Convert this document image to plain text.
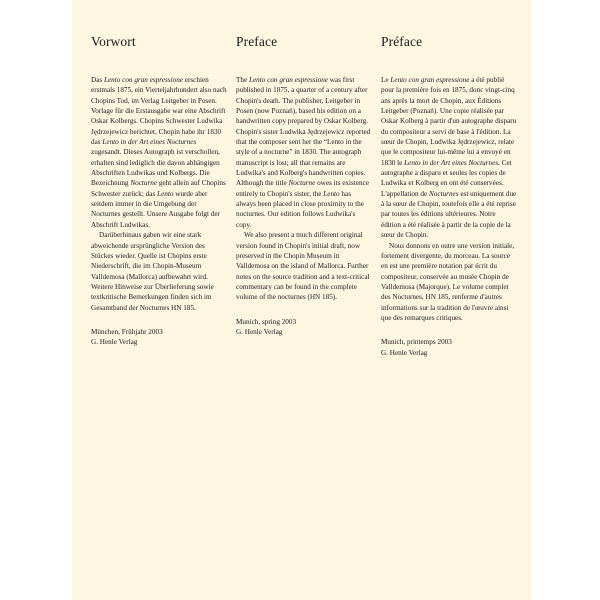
Vorwort

Das Lento con gran espressione erschien erstmals 1875, ein Vierteljahrhundert also nach Chopins Tod, im Verlag Leitgeber in Posen. Vorlage für die Erstausgabe war eine Abschrift Oskar Kolbergs. Chopins Schwester Ludwika Jędrzejewicz berichtet, Chopin habe ihr 1830 das Lento in der Art eines Nocturnes zugesandt. Dieses Autograph ist verschollen, erhalten sind lediglich die davon abhängigen Abschriften Ludwikas und Kolbergs. Die Bezeichnung Nocturne geht allein auf Chopins Schwester zurück; das Lento wurde aber seitdem immer in die Umgebung der Nocturnes gestellt. Unsere Ausgabe folgt der Abschrift Ludwikas.

Darüberhinaus gaben wir eine stark abweichende ursprüngliche Version des Stückes wieder. Quelle ist Chopins erste Niederschrift, die im Chopin-Museum Valldemosa (Mallorca) aufbewahrt wird. Weitere Hinweise zur Überlieferung sowie textkritische Bemerkungen finden sich im Gesamtband der Nocturnes HN 185.

München, Frühjahr 2003
G. Henle Verlag
Preface

The Lento con gran espressione was first published in 1875, a quarter of a century after Chopin's death. The publisher, Leitgeber in Posen (now Poznań), based his edition on a handwritten copy prepared by Oskar Kolberg. Chopin's sister Ludwika Jędrzejewicz reported that the composer sent her the “Lento in the style of a nocturne” in 1830. The autograph manuscript is lost; all that remains are Ludwika's and Kolberg's handwritten copies. Although the title Nocturne owes its existence entirely to Chopin's sister, the Lento has always been placed in close proximity to the nocturnes. Our edition follows Ludwika's copy.

We also present a much different original version found in Chopin's initial draft, now preserved in the Chopin Museum in Valldemosa on the island of Mallorca. Further notes on the source tradition and a text-critical commentary can be found in the complete volume of the nocturnes (HN 185).

Munich, spring 2003
G. Henle Verlag
Préface

Le Lento con gran espressione a été publié pour la première fois en 1875, donc vingt-cinq ans après la mort de Chopin, aux Éditions Leitgeber (Poznań). Une copie réalisée par Oskar Kolberg à partir d'un autographe disparu du compositeur a servi de base à l'édition. La sœur de Chopin, Ludwika Jędrzejewicz, relate que le compositeur lui-même lui a envoyé en 1830 le Lento in der Art eines Nocturnes. Cet autographe a disparu et seules les copies de Ludwika et Kolberg en ont été conservées. L'appellation de Nocturnes est uniquement due à la sœur de Chopin, toutefois elle a été reprise par toutes les éditions ultérieures. Notre édition a été réalisée à partir de la copie de la sœur de Chopin.

Nous donnons en outre une version initiale, fortement divergente, du morceau. La source en est une première notation par écrit du compositeur, conservée au musée Chopin de Valldemosa (Majorque). Le volume complet des Nocturnes, HN 185, renferme d'autres informations sur la tradition de l'œuvre ainsi que des remarques critiques.

Munich, printemps 2003
G. Henle Verlag
